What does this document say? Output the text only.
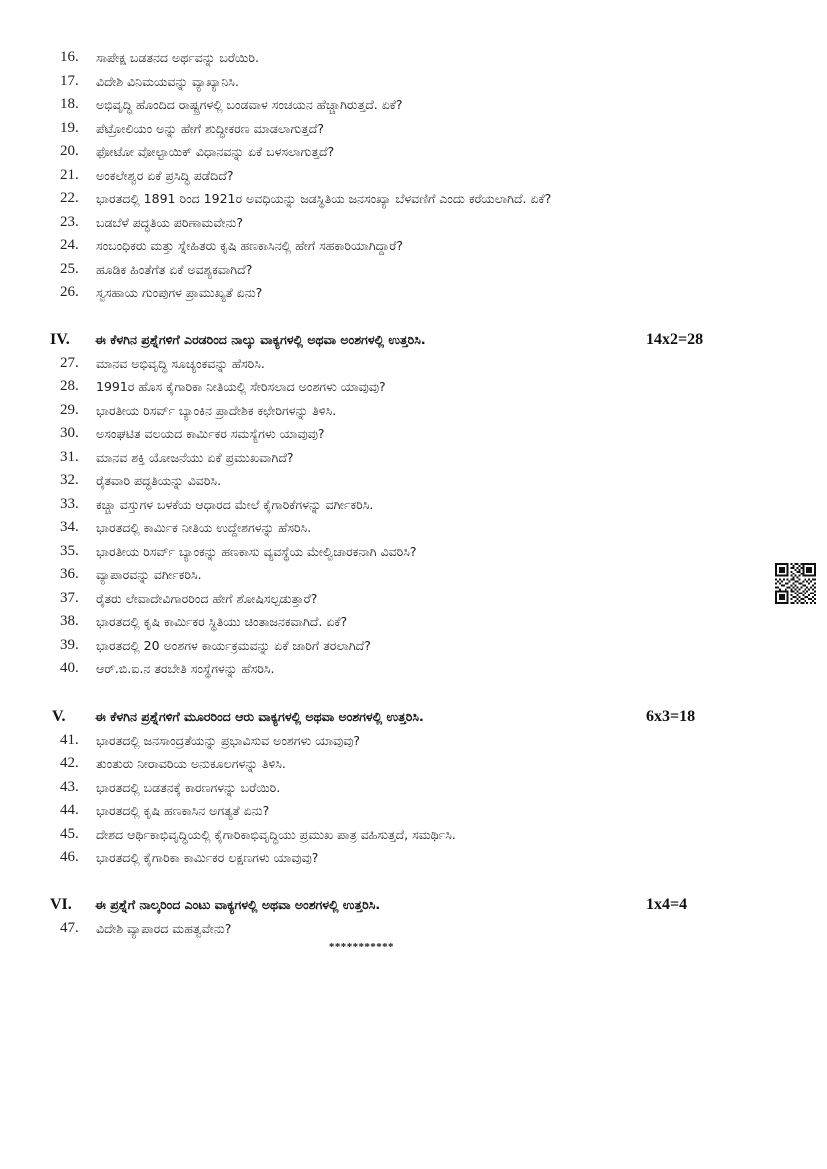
16. ಸಾಪೇಕ್ಷ ಬಡತನದ ಅರ್ಥವನ್ನು ಬರೆಯಿರಿ.
17. ವಿದೇಶಿ ವಿನಿಮಯವನ್ನು ವ್ಯಾಖ್ಯಾನಿಸಿ.
18. ಅಭಿವೃದ್ಧಿ ಹೊಂದಿದ ರಾಷ್ಟ್ರಗಳಲ್ಲಿ ಬಂಡವಾಳ ಸಂಚಯನ ಹೆಚ್ಚಾಗಿರುತ್ತದೆ. ಏಕೆ?
19. ಪೆಟ್ರೋಲಿಯಂ ಅನ್ನು ಹೇಗೆ ಶುದ್ಧೀಕರಣ ಮಾಡಲಾಗುತ್ತದೆ?
20. ಫೋಟೋ ವೋಲ್ಟಾಯಿಕ್ ವಿಧಾನವನ್ನು ಏಕೆ ಬಳಸಲಾಗುತ್ತದೆ?
21. ಅಂಕಲೇಶ್ವರ ಏಕೆ ಪ್ರಸಿದ್ಧಿ ಪಡೆದಿದೆ?
22. ಭಾರತದಲ್ಲಿ 1891 ರಿಂದ 1921ರ ಅವಧಿಯನ್ನು ಜಡಸ್ಥಿತಿಯ ಜನಸಂಖ್ಯಾ ಬೆಳವಣಿಗೆ ಎಂದು ಕರೆಯಲಾಗಿದೆ. ಏಕೆ?
23. ಬಡಬೆಳೆ ಪದ್ಧತಿಯ ಪರಿಣಾಮವೇನು?
24. ಸಂಬಂಧಿಕರು ಮತ್ತು ಸ್ನೇಹಿತರು ಕೃಷಿ ಹಣಕಾಸಿನಲ್ಲಿ ಹೇಗೆ ಸಹಕಾರಿಯಾಗಿದ್ದಾರೆ?
25. ಹೂಡಿಕ ಹಿಂತೆಗೆತ ಏಕೆ ಅವಶ್ಯಕವಾಗಿದೆ?
26. ಸ್ವಸಹಾಯ ಗುಂಪುಗಳ ಪ್ರಾಮುಖ್ಯತೆ ಏನು?
IV. ಈ ಕೆಳಗಿನ ಪ್ರಶ್ನೆಗಳಿಗೆ ಎರಡರಿಂದ ನಾಲ್ಕು ವಾಕ್ಯಗಳಲ್ಲಿ ಅಥವಾ ಅಂಶಗಳಲ್ಲಿ ಉತ್ತರಿಸಿ.	14x2=28
27. ಮಾನವ ಅಭಿವೃದ್ಧಿ ಸೂಚ್ಯಂಕವನ್ನು ಹೆಸರಿಸಿ.
28. 1991ರ ಹೊಸ ಕೈಗಾರಿಕಾ ನೀತಿಯಲ್ಲಿ ಸೇರಿಸಲಾದ ಅಂಶಗಳು ಯಾವುವು?
29. ಭಾರತೀಯ ರಿಸರ್ವ್ ಬ್ಯಾಂಕಿನ ಪ್ರಾದೇಶಿಕ ಕಛೇರಿಗಳನ್ನು ತಿಳಿಸಿ.
30. ಅಸಂಘಟಿತ ವಲಯದ ಕಾರ್ಮಿಕರ ಸಮಸ್ಯೆಗಳು ಯಾವುವು?
31. ಮಾನವ ಶಕ್ತಿ ಯೋಜನೆಯು ಏಕೆ ಪ್ರಮುಖವಾಗಿದೆ?
32. ರೈತವಾರಿ ಪದ್ಧತಿಯನ್ನು ವಿವರಿಸಿ.
33. ಕಚ್ಚಾ ವಸ್ತುಗಳ ಬಳಕೆಯ ಆಧಾರದ ಮೇಲೆ ಕೈಗಾರಿಕೆಗಳನ್ನು ವರ್ಗೀಕರಿಸಿ.
34. ಭಾರತದಲ್ಲಿ ಕಾರ್ಮಿಕ ನೀತಿಯ ಉದ್ದೇಶಗಳನ್ನು ಹೆಸರಿಸಿ.
35. ಭಾರತೀಯ ರಿಸರ್ವ್ ಬ್ಯಾಂಕನ್ನು ಹಣಕಾಸು ವ್ಯವಸ್ಥೆಯ ಮೇಲ್ವಿಚಾರಕನಾಗಿ ವಿವರಿಸಿ?
36. ವ್ಯಾಪಾರವನ್ನು ವರ್ಗೀಕರಿಸಿ.
37. ರೈತರು ಲೇವಾದೇವಿಗಾರರಿಂದ ಹೇಗೆ ಶೋಷಿಸಲ್ಪಡುತ್ತಾರೆ?
38. ಭಾರತದಲ್ಲಿ ಕೃಷಿ ಕಾರ್ಮಿಕರ ಸ್ಥಿತಿಯು ಚಿಂತಾಜನಕವಾಗಿದೆ. ಏಕೆ?
39. ಭಾರತದಲ್ಲಿ 20 ಅಂಶಗಳ ಕಾರ್ಯಕ್ರಮವನ್ನು ಏಕೆ ಜಾರಿಗೆ ತರಲಾಗಿದೆ?
40. ಆರ್.ಬಿ.ಐ.ನ ತರಬೇತಿ ಸಂಸ್ಥೆಗಳನ್ನು ಹೆಸರಿಸಿ.
V. ಈ ಕೆಳಗಿನ ಪ್ರಶ್ನೆಗಳಿಗೆ ಮೂರರಿಂದ ಆರು ವಾಕ್ಯಗಳಲ್ಲಿ ಅಥವಾ ಅಂಶಗಳಲ್ಲಿ ಉತ್ತರಿಸಿ.	6x3=18
41. ಭಾರತದಲ್ಲಿ ಜನಸಾಂದ್ರತೆಯನ್ನು ಪ್ರಭಾವಿಸುವ ಅಂಶಗಳು ಯಾವುವು?
42. ತುಂತುರು ನೀರಾವರಿಯ ಅನುಕೂಲಗಳನ್ನು ತಿಳಿಸಿ.
43. ಭಾರತದಲ್ಲಿ ಬಡತನಕ್ಕೆ ಕಾರಣಗಳನ್ನು ಬರೆಯಿರಿ.
44. ಭಾರತದಲ್ಲಿ ಕೃಷಿ ಹಣಕಾಸಿನ ಅಗತ್ಯತೆ ಏನು?
45. ದೇಶದ ಆರ್ಥಿಕಾಭಿವೃದ್ಧಿಯಲ್ಲಿ ಕೈಗಾರಿಕಾಭಿವೃದ್ಧಿಯು ಪ್ರಮುಖ ಪಾತ್ರ ವಹಿಸುತ್ತದೆ, ಸಮರ್ಥಿಸಿ.
46. ಭಾರತದಲ್ಲಿ ಕೈಗಾರಿಕಾ ಕಾರ್ಮಿಕರ ಲಕ್ಷಣಗಳು ಯಾವುವು?
VI. ಈ ಪ್ರಶ್ನೆಗೆ ನಾಲ್ಕರಿಂದ ಎಂಟು ವಾಕ್ಯಗಳಲ್ಲಿ ಅಥವಾ ಅಂಶಗಳಲ್ಲಿ ಉತ್ತರಿಸಿ.	1x4=4
47. ವಿದೇಶಿ ವ್ಯಾಪಾರದ ಮಹತ್ವವೇನು?
***********
